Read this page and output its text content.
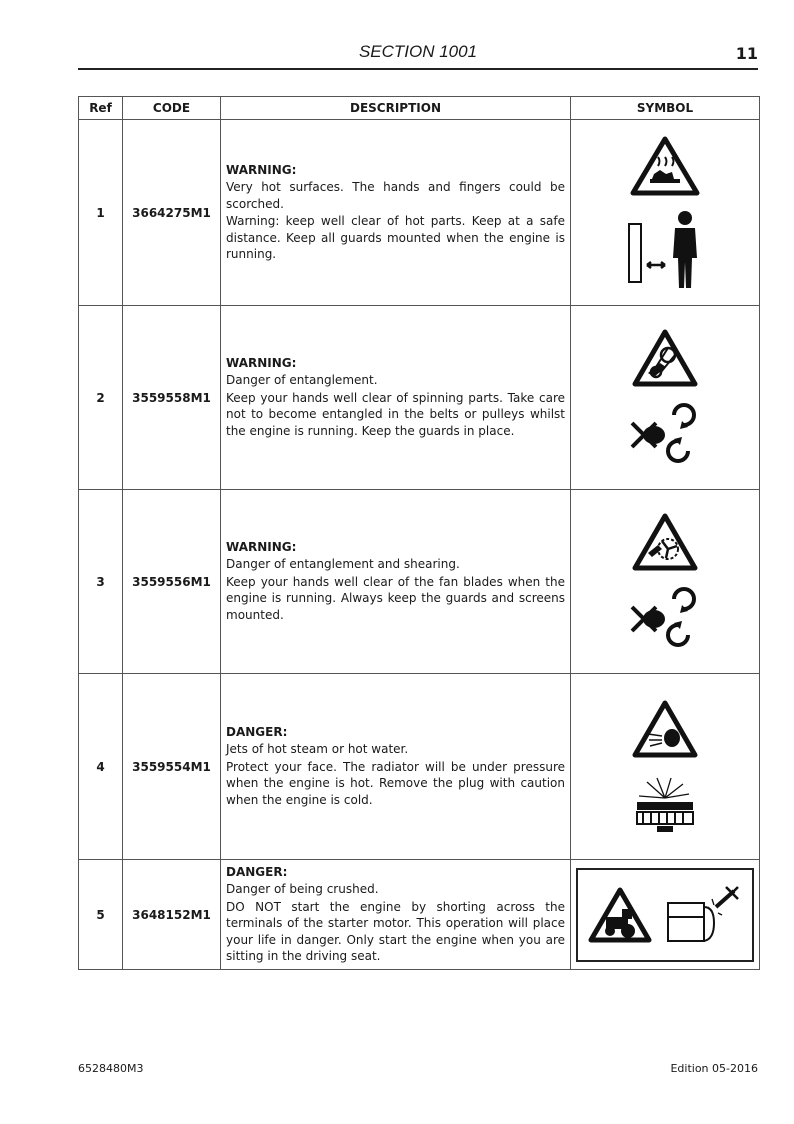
SECTION 1001	11
Ref	CODE	DESCRIPTION	SYMBOL
1	3664275M1	WARNING:

Very hot surfaces. The hands and fingers could be scorched.

Warning: keep well clear of hot parts. Keep at a safe distance. Keep all guards mounted when the engine is running.

2	3559558M1	WARNING:

Danger of entanglement.

Keep your hands well clear of spinning parts. Take care not to become entangled in the belts or pulleys whilst the engine is running. Keep the guards in place.

3	3559556M1	WARNING:

Danger of entanglement and shearing.

Keep your hands well clear of the fan blades when the engine is running. Always keep the guards and screens mounted.

4	3559554M1	DANGER:

Jets of hot steam or hot water.

Protect your face. The radiator will be under pressure when the engine is hot. Remove the plug with caution when the engine is cold.

5	3648152M1	DANGER:

Danger of being crushed.

DO NOT start the engine by shorting across the terminals of the starter motor. This operation will place your life in danger. Only start the engine when you are sitting in the driving seat.

6528480M3	Edition 05-2016
